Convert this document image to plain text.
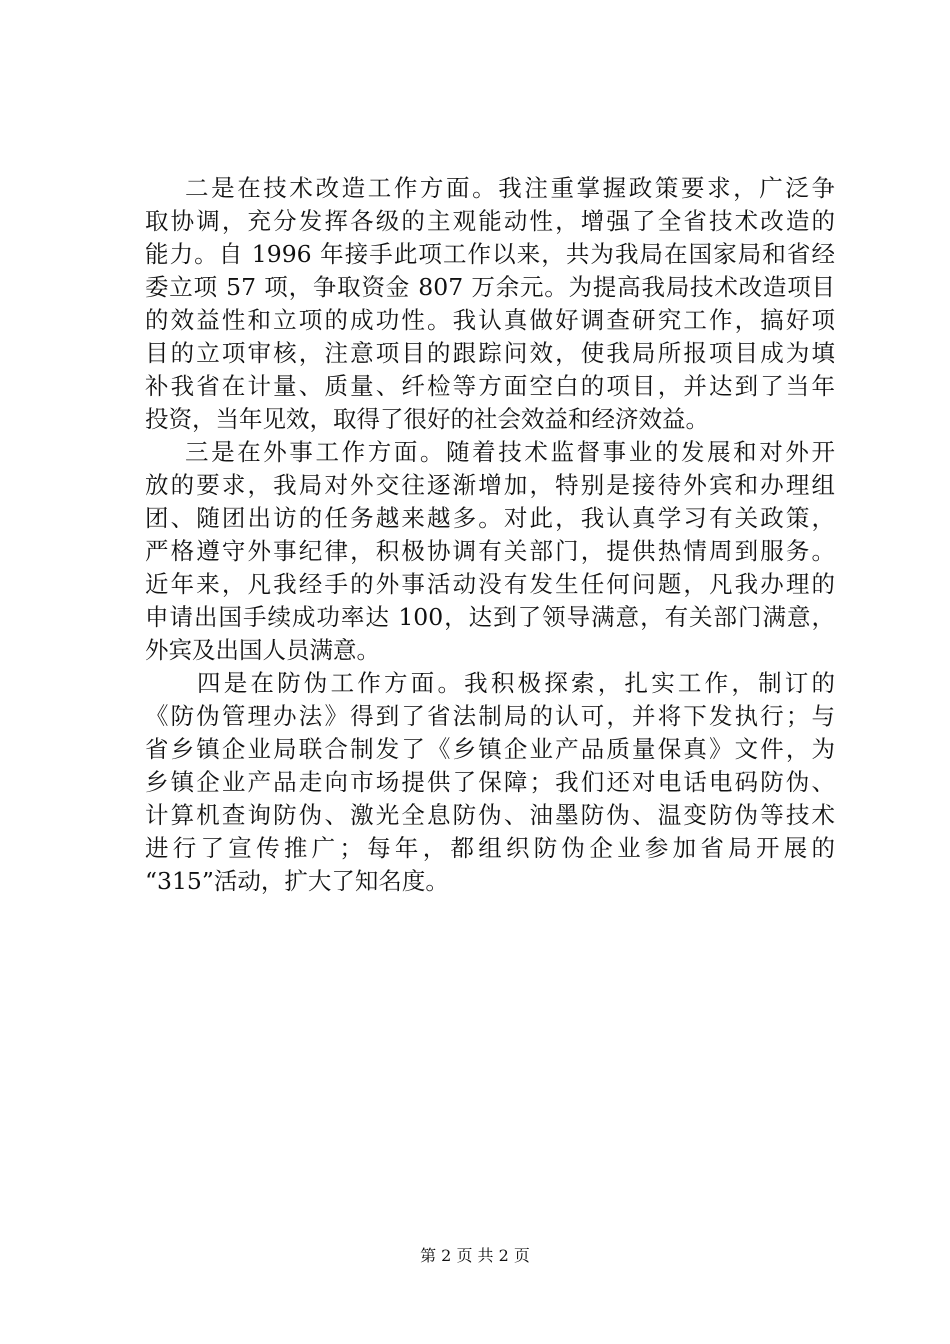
二是在技术改造工作方面。我注重掌握政策要求，广泛争
取协调，充分发挥各级的主观能动性，增强了全省技术改造的
能力。自 1996 年接手此项工作以来，共为我局在国家局和省经
委立项 57 项，争取资金 807 万余元。为提高我局技术改造项目
的效益性和立项的成功性。我认真做好调查研究工作，搞好项
目的立项审核，注意项目的跟踪问效，使我局所报项目成为填
补我省在计量、质量、纤检等方面空白的项目，并达到了当年
投资，当年见效，取得了很好的社会效益和经济效益。
三是在外事工作方面。随着技术监督事业的发展和对外开
放的要求，我局对外交往逐渐增加，特别是接待外宾和办理组
团、随团出访的任务越来越多。对此，我认真学习有关政策，
严格遵守外事纪律，积极协调有关部门，提供热情周到服务。
近年来，凡我经手的外事活动没有发生任何问题，凡我办理的
申请出国手续成功率达 100，达到了领导满意，有关部门满意，
外宾及出国人员满意。
四是在防伪工作方面。我积极探索，扎实工作，制订的
《防伪管理办法》得到了省法制局的认可，并将下发执行；与
省乡镇企业局联合制发了《乡镇企业产品质量保真》文件，为
乡镇企业产品走向市场提供了保障；我们还对电话电码防伪、
计算机查询防伪、激光全息防伪、油墨防伪、温变防伪等技术
进行了宣传推广；每年，都组织防伪企业参加省局开展的
“315”活动，扩大了知名度。
第 2 页 共 2 页
